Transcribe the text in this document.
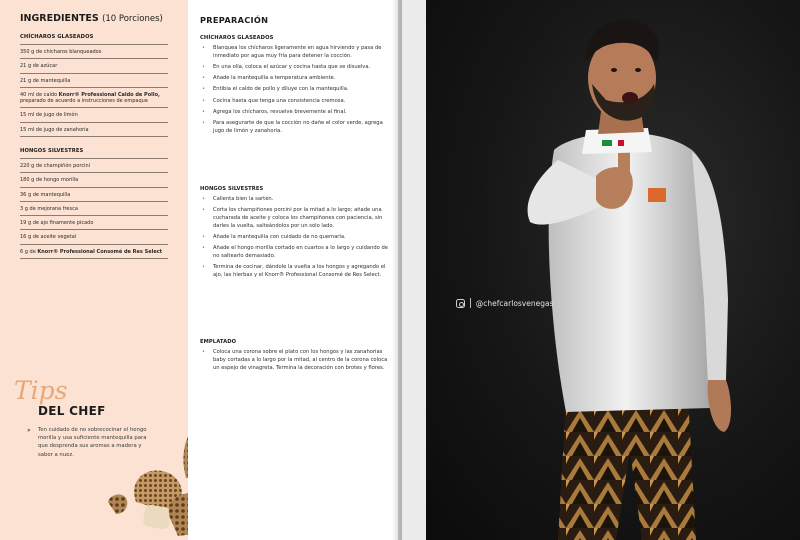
INGREDIENTES (10 Porciones)
CHÍCHAROS GLASEADOS
350 g de chícharos blanqueados
21 g de azúcar
21 g de mantequilla
40 ml de caldo Knorr® Professional Caldo de Pollo, preparado de acuerdo a instrucciones de empaque
15 ml de jugo de limón
15 ml de jugo de zanahoria
HONGOS SILVESTRES
220 g de champiñón porcini
180 g de hongo morilla
36 g de mantequilla
3 g de mejorana fresca
19 g de ajo finamente picado
16 g de aceite vegetal
6 g de Knorr® Professional Consomé de Res Select
Tips
DEL CHEF
» Ten cuidado de no sobrecocinar el hongo morilla y usa suficiente mantequilla para que desprenda sus aromas a madera y sabor a nuez.
PREPARACIÓN
CHÍCHAROS GLASEADOS
• Blanquea los chícharos ligeramente en agua hirviendo y pasa de inmediato por agua muy fría para detener la cocción.
• En una olla, coloca el azúcar y cocina hasta que se disuelva.
• Añade la mantequilla a temperatura ambiente.
• Entibia el caldo de pollo y diluye con la mantequilla.
• Cocina hasta que tenga una consistencia cremosa.
• Agrega los chícharos, revuelve brevemente al final.
• Para asegurarte de que la cocción no dañe el color verde, agrega jugo de limón y zanahoria.
HONGOS SILVESTRES
• Calienta bien la sartén.
• Corta los champiñones porcini por la mitad a lo largo; añade una cucharada de aceite y coloca los champiñones con paciencia, sin darles la vuelta, salteándolos por un solo lado.
• Añade la mantequilla con cuidado de no quemarla.
• Añade el hongo morilla cortado en cuartos a lo largo y cuidando de no saltearlo demasiado.
• Termina de cocinar, dándole la vuelta a los hongos y agregando el ajo, las hierbas y el Knorr® Professional Consomé de Res Select.
EMPLATADO
• Coloca una corona sobre el plato con los hongos y las zanahorias baby cortadas a lo largo por la mitad, al centro de la corona coloca un espejo de vinagreta. Termina la decoración con brotes y flores.
@chefcarlosvenegas
